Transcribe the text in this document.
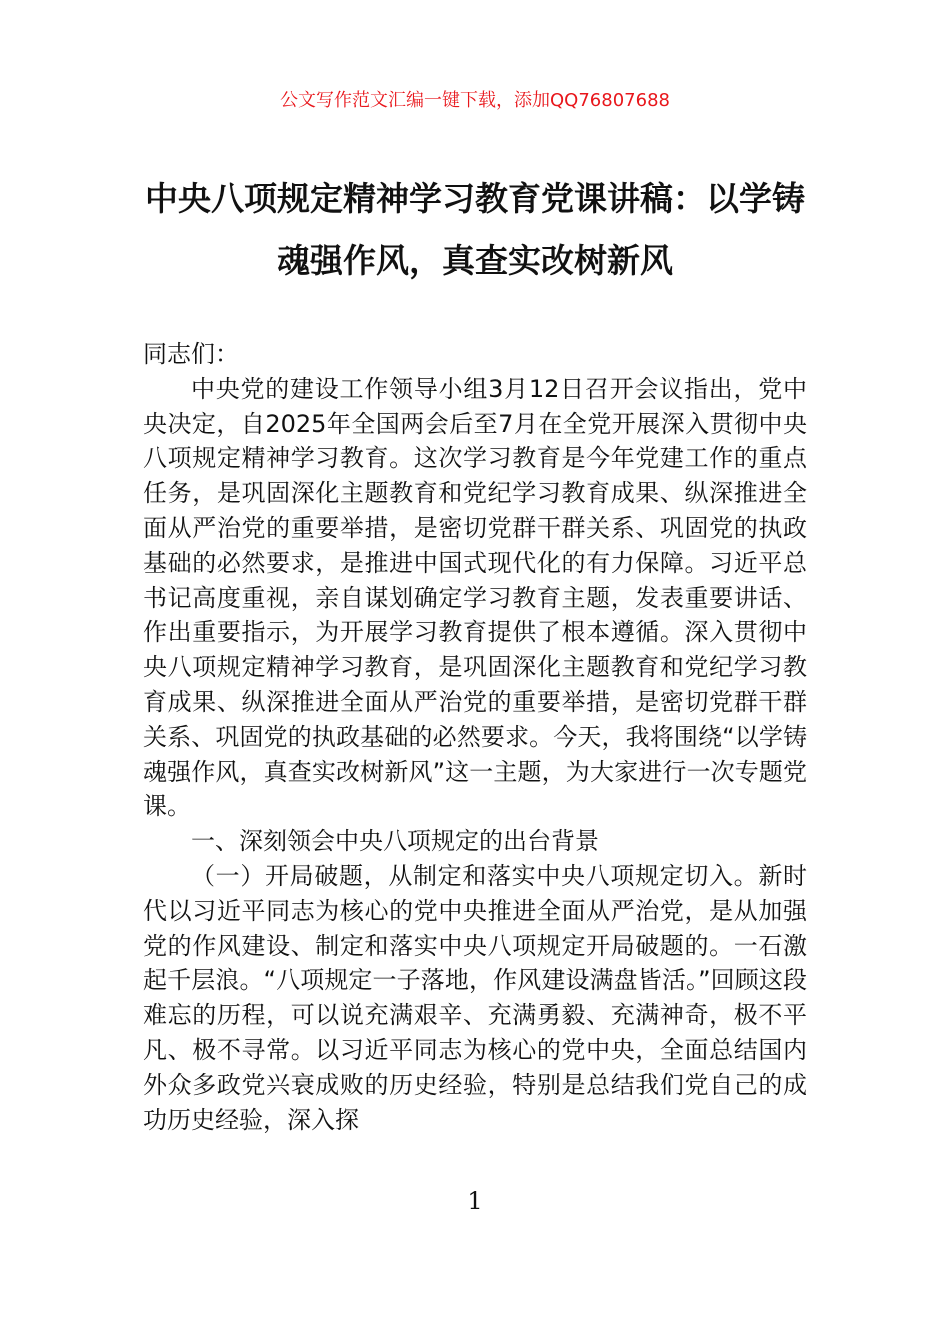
公文写作范文汇编一键下载，添加QQ76807688
中央八项规定精神学习教育党课讲稿：以学铸魂强作风，真查实改树新风

同志们：

中央党的建设工作领导小组3月12日召开会议指出，党中央决定，自2025年全国两会后至7月在全党开展深入贯彻中央八项规定精神学习教育。这次学习教育是今年党建工作的重点任务，是巩固深化主题教育和党纪学习教育成果、纵深推进全面从严治党的重要举措，是密切党群干群关系、巩固党的执政基础的必然要求，是推进中国式现代化的有力保障。习近平总书记高度重视，亲自谋划确定学习教育主题，发表重要讲话、作出重要指示，为开展学习教育提供了根本遵循。深入贯彻中央八项规定精神学习教育，是巩固深化主题教育和党纪学习教育成果、纵深推进全面从严治党的重要举措，是密切党群干群关系、巩固党的执政基础的必然要求。今天，我将围绕“以学铸魂强作风，真查实改树新风”这一主题，为大家进行一次专题党课。

一、深刻领会中央八项规定的出台背景

（一）开局破题，从制定和落实中央八项规定切入。新时代以习近平同志为核心的党中央推进全面从严治党，是从加强党的作风建设、制定和落实中央八项规定开局破题的。一石激起千层浪。“八项规定一子落地，作风建设满盘皆活。”回顾这段难忘的历程，可以说充满艰辛、充满勇毅、充满神奇，极不平凡、极不寻常。以习近平同志为核心的党中央，全面总结国内外众多政党兴衰成败的历史经验，特别是总结我们党自己的成功历史经验，深入探

1
